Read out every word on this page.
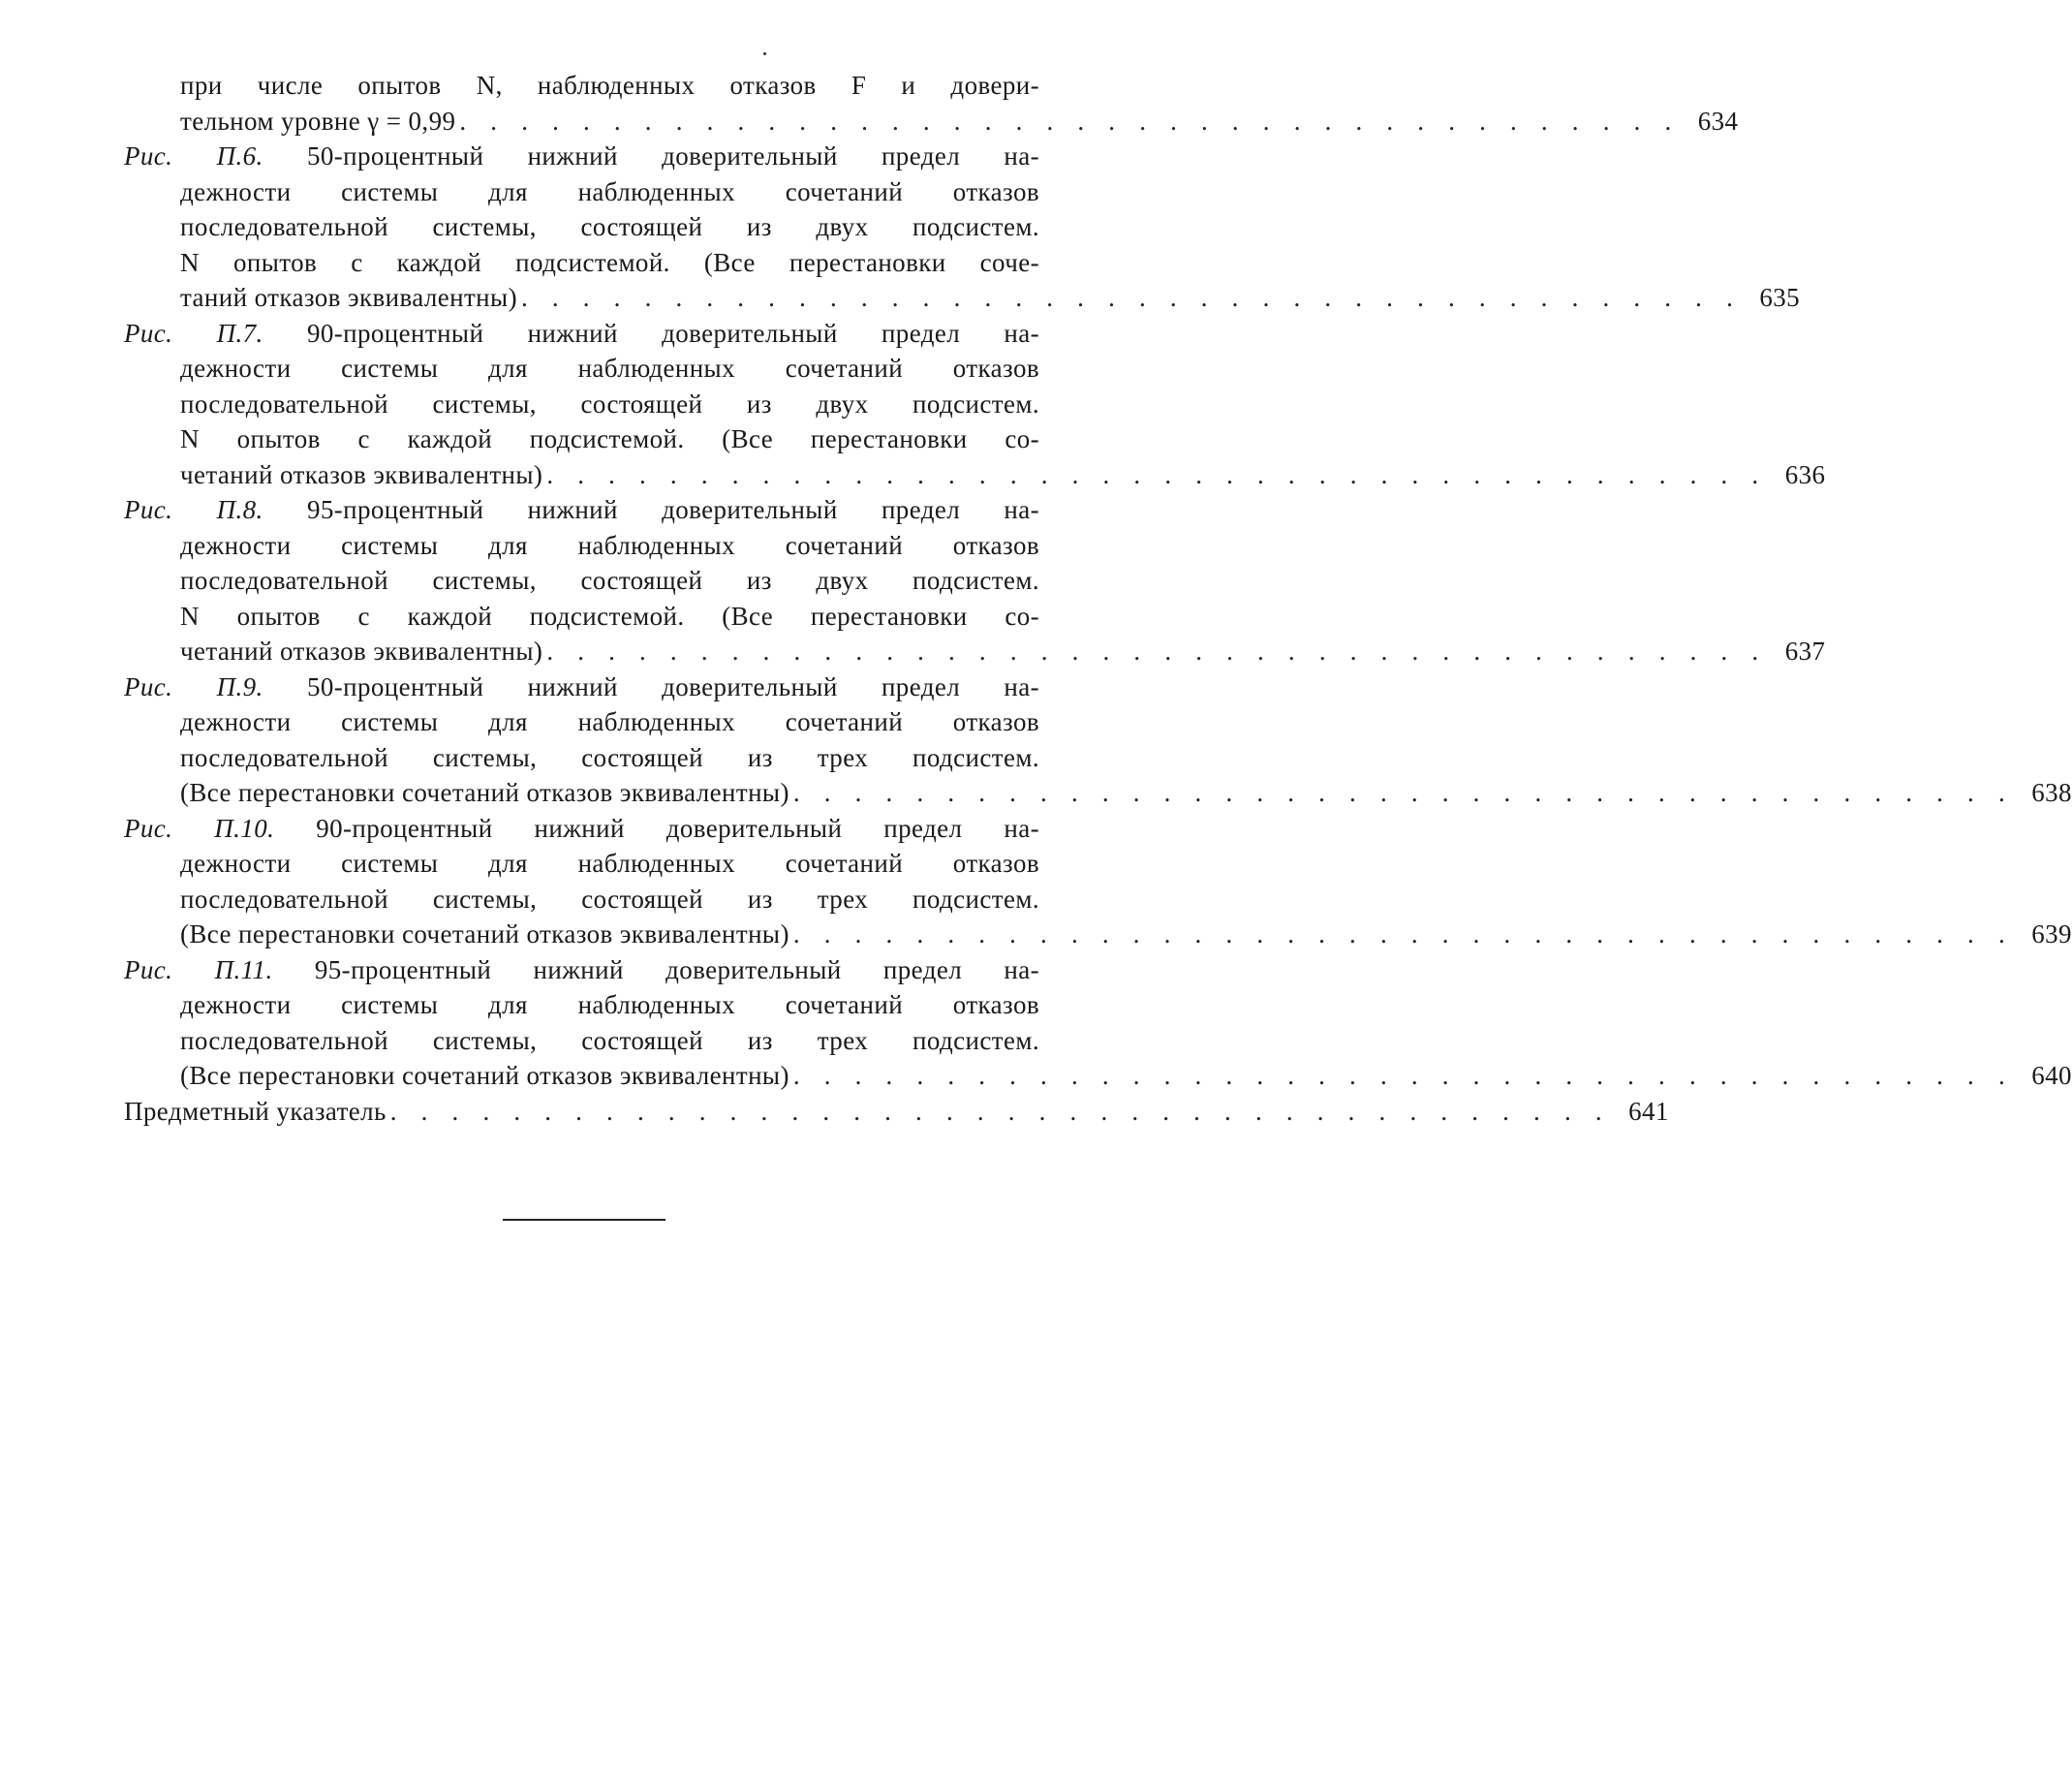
при числе опытов N, наблюденных отказов F и довери-
тельном уровне γ = 0,99 . . . . . . . . . . . . . . . . . . . . . . . . . . . . . . . . . . . . . . . . 634
Рис. П.6. 50-процентный нижний доверительный предел на-
дежности системы для наблюденных сочетаний отказов
последовательной системы, состоящей из двух подсистем.
N опытов с каждой подсистемой. (Все перестановки соче-
таний отказов эквивалентны) . . . . . . . . . . . . . . . . . . . . . . . . . . . . . . . . . . . . . . . . 635
Рис. П.7. 90-процентный нижний доверительный предел на-
дежности системы для наблюденных сочетаний отказов
последовательной системы, состоящей из двух подсистем.
N опытов с каждой подсистемой. (Все перестановки со-
четаний отказов эквивалентны) . . . . . . . . . . . . . . . . . . . . . . . . . . . . . . . . . . . . . . . . 636
Рис. П.8. 95-процентный нижний доверительный предел на-
дежности системы для наблюденных сочетаний отказов
последовательной системы, состоящей из двух подсистем.
N опытов с каждой подсистемой. (Все перестановки со-
четаний отказов эквивалентны) . . . . . . . . . . . . . . . . . . . . . . . . . . . . . . . . . . . . . . . . 637
Рис. П.9. 50-процентный нижний доверительный предел на-
дежности системы для наблюденных сочетаний отказов
последовательной системы, состоящей из трех подсистем.
(Все перестановки сочетаний отказов эквивалентны) . . . . . . . . . . . . . . . . . . . . . . . . . . . . . . . . . . . . . . . . 638
Рис. П.10. 90-процентный нижний доверительный предел на-
дежности системы для наблюденных сочетаний отказов
последовательной системы, состоящей из трех подсистем.
(Все перестановки сочетаний отказов эквивалентны) . . . . . . . . . . . . . . . . . . . . . . . . . . . . . . . . . . . . . . . . 639
Рис. П.11. 95-процентный нижний доверительный предел на-
дежности системы для наблюденных сочетаний отказов
последовательной системы, состоящей из трех подсистем.
(Все перестановки сочетаний отказов эквивалентны) . . . . . . . . . . . . . . . . . . . . . . . . . . . . . . . . . . . . . . . . 640
Предметный указатель . . . . . . . . . . . . . . . . . . . . . . . . . . . . . . . . . . . . . . . . 641
